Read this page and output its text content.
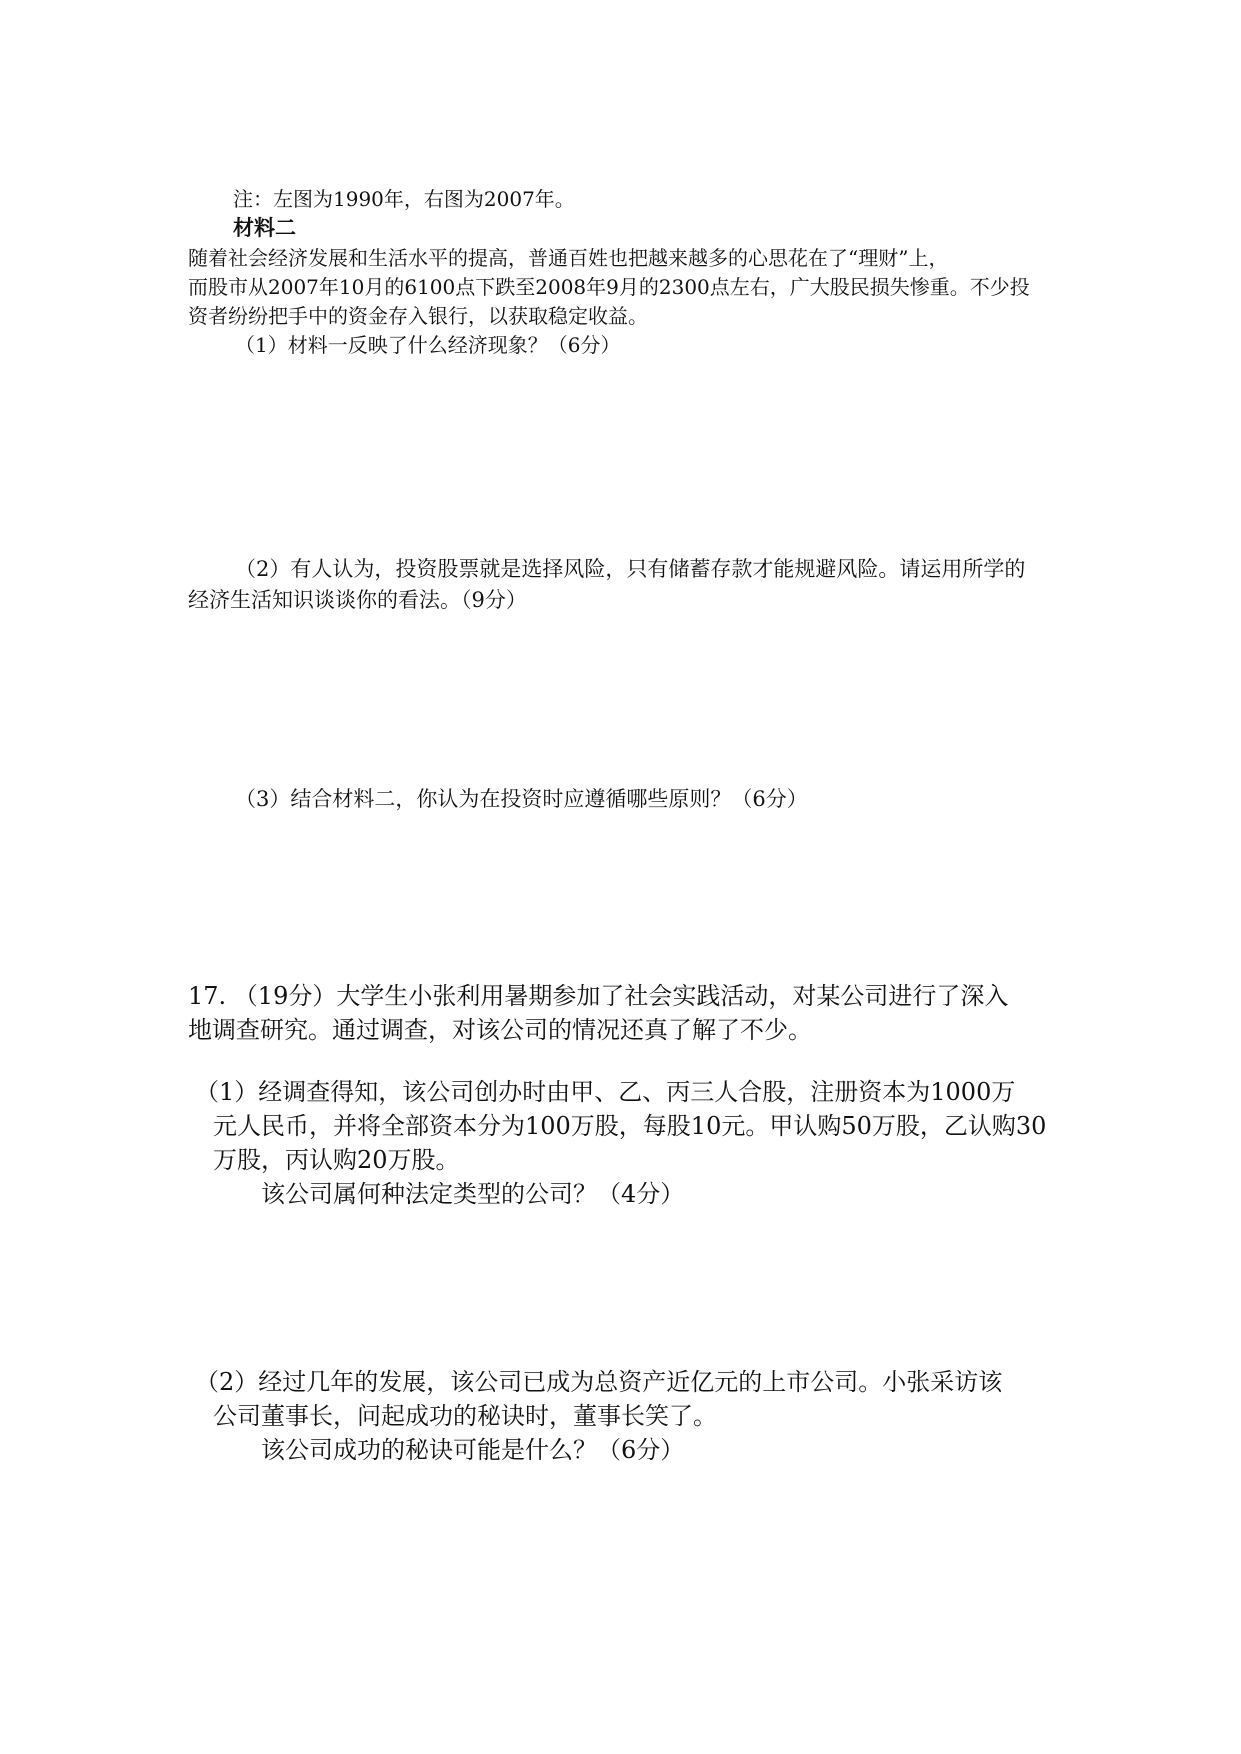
注：左图为1990年，右图为2007年。
材料二
随着社会经济发展和生活水平的提高，普通百姓也把越来越多的心思花在了“理财”上，
而股市从2007年10月的6100点下跌至2008年9月的2300点左右，广大股民损失惨重。不少投
资者纷纷把手中的资金存入银行，以获取稳定收益。
（1）材料一反映了什么经济现象？（6分）
（2）有人认为，投资股票就是选择风险，只有储蓄存款才能规避风险。请运用所学的
经济生活知识谈谈你的看法。（9分）
（3）结合材料二，你认为在投资时应遵循哪些原则？（6分）
17. （19分）大学生小张利用暑期参加了社会实践活动，对某公司进行了深入
地调查研究。通过调查，对该公司的情况还真了解了不少。
（1）经调查得知，该公司创办时由甲、乙、丙三人合股，注册资本为1000万
元人民币，并将全部资本分为100万股，每股10元。甲认购50万股，乙认购30
万股，丙认购20万股。
该公司属何种法定类型的公司？（4分）
（2）经过几年的发展，该公司已成为总资产近亿元的上市公司。小张采访该
公司董事长，问起成功的秘诀时，董事长笑了。
该公司成功的秘诀可能是什么？（6分）
